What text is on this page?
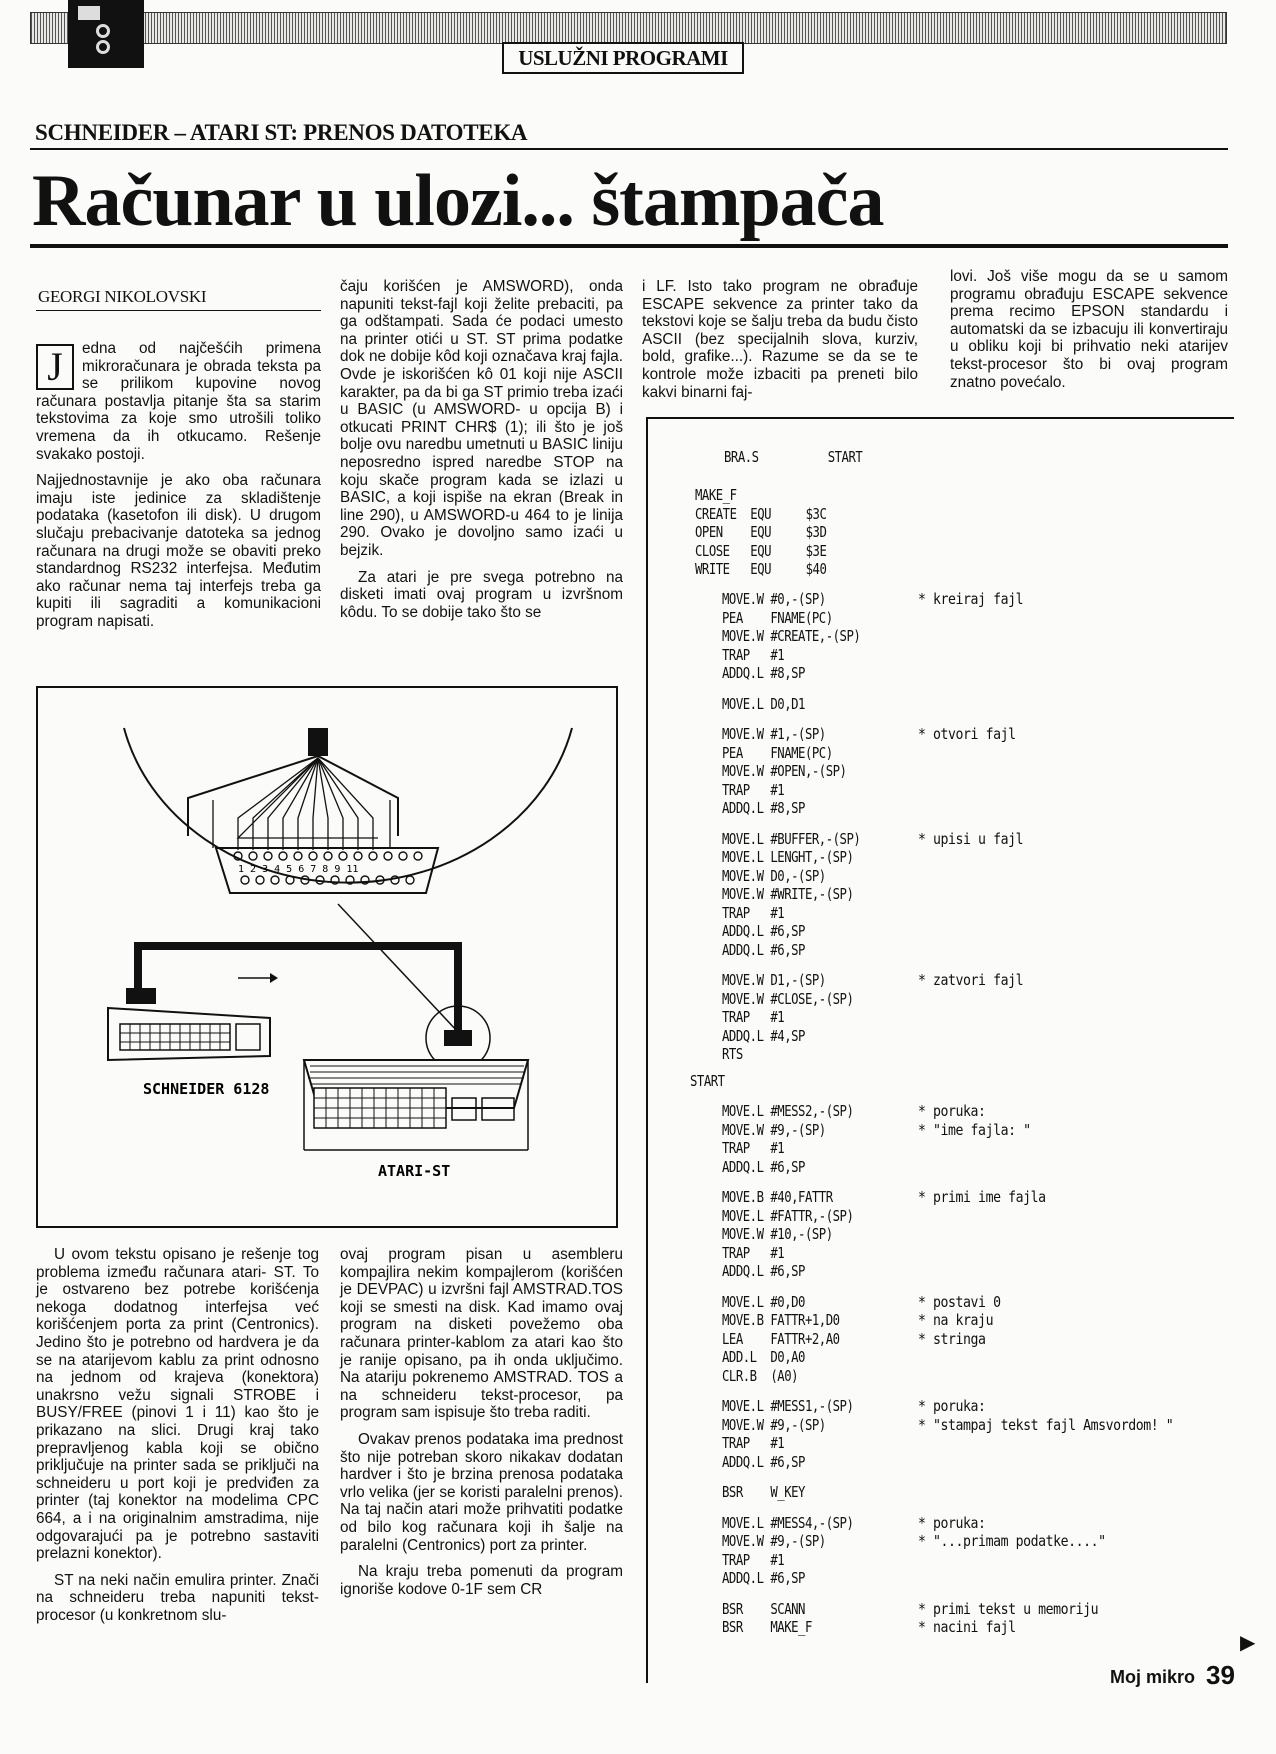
USLUŽNI PROGRAMI
SCHNEIDER – ATARI ST: PRENOS DATOTEKA
Računar u ulozi... štampača
GEORGI NIKOLOVSKI

J	edna od najčešćih primena mikroračunara je obrada teksta pa se prilikom kupovine novog računara postavlja pitanje šta sa starim tekstovima za koje smo utrošili toliko vremena da ih otkucamo. Rešenje svakako postoji.

Najjednostavnije je ako oba računara imaju iste jedinice za skladištenje podataka (kasetofon ili disk). U drugom slučaju prebacivanje datoteka sa jednog računara na drugi može se obaviti preko standardnog RS232 interfejsa. Međutim ako računar nema taj interfejs treba ga kupiti ili sagraditi a komunikacioni program napisati.

čaju korišćen je AMSWORD), onda napuniti tekst-fajl koji želite prebaciti, pa ga odštampati. Sada će podaci umesto na printer otići u ST. ST prima podatke dok ne dobije kôd koji označava kraj fajla. Ovde je iskorišćen kô 01 koji nije ASCII karakter, pa da bi ga ST primio treba izaći u BASIC (u AMSWORD- u opcija B) i otkucati PRINT CHR$ (1); ili što je još bolje ovu naredbu umetnuti u BASIC liniju neposredno ispred naredbe STOP na koju skače program kada se izlazi u BASIC, a koji ispiše na ekran (Break in line 290), u AMSWORD-u 464 to je linija 290. Ovako je dovoljno samo izaći u bejzik.

Za atari je pre svega potrebno na disketi imati ovaj program u izvršnom kôdu. To se dobije tako što se

i LF. Isto tako program ne obrađuje ESCAPE sekvence za printer tako da tekstovi koje se šalju treba da budu čisto ASCII (bez specijalnih slova, kurziv, bold, grafike...). Razume se da se te kontrole može izbaciti pa preneti bilo kakvi binarni faj-

lovi. Još više mogu da se u samom programu obrađuju ESCAPE sekvence prema recimo EPSON standardu i automatski da se izbacuju ili konvertiraju u obliku koji bi prihvatio neki atarijev tekst-procesor što bi ovaj program znatno povećalo.

1 2 3 4 5 6 7 8 9 11
SCHNEIDER 6128
ATARI-ST

U ovom tekstu opisano je rešenje tog problema između računara atari- ST. To je ostvareno bez potrebe korišćenja nekoga dodatnog interfejsa već korišćenjem porta za print (Centronics). Jedino što je potrebno od hardvera je da se na atarijevom kablu za print odnosno na jednom od krajeva (konektora) unakrsno vežu signali STROBE i BUSY/FREE (pinovi 1 i 11) kao što je prikazano na slici. Drugi kraj tako prepravljenog kabla koji se obično priključuje na printer sada se priključi na schneideru u port koji je predviđen za printer (taj konektor na modelima CPC 664, a i na originalnim amstradima, nije odgovarajući pa je potrebno sastaviti prelazni konektor).

ST na neki način emulira printer. Znači na schneideru treba napuniti tekst-procesor (u konkretnom slu-

ovaj program pisan u asembleru kompajlira nekim kompajlerom (korišćen je DEVPAC) u izvršni fajl AMSTRAD.TOS koji se smesti na disk. Kad imamo ovaj program na disketi povežemo oba računara printer-kablom za atari kao što je ranije opisano, pa ih onda uključimo. Na atariju pokrenemo AMSTRAD. TOS a na schneideru tekst-procesor, pa program sam ispisuje što treba raditi.

Ovakav prenos podataka ima prednost što nije potreban skoro nikakav dodatan hardver i što je brzina prenosa podataka vrlo velika (jer se koristi paralelni prenos). Na taj način atari može prihvatiti podatke od bilo kog računara koji ih šalje na paralelni (Centronics) port za printer.

Na kraju treba pomenuti da program ignoriše kodove 0-1F sem CR

BRA.S          START
MAKE_F
CREATE  EQU     $3C
OPEN    EQU     $3D
CLOSE   EQU     $3E
WRITE   EQU     $40
MOVE.W #0,-(SP)
PEA    FNAME(PC)
MOVE.W #CREATE,-(SP)
TRAP   #1
ADDQ.L #8,SP
* kreiraj fajl
MOVE.L D0,D1
MOVE.W #1,-(SP)
PEA    FNAME(PC)
MOVE.W #OPEN,-(SP)
TRAP   #1
ADDQ.L #8,SP
* otvori fajl
MOVE.L #BUFFER,-(SP)
MOVE.L LENGHT,-(SP)
MOVE.W D0,-(SP)
MOVE.W #WRITE,-(SP)
TRAP   #1
ADDQ.L #6,SP
ADDQ.L #6,SP
* upisi u fajl
MOVE.W D1,-(SP)
MOVE.W #CLOSE,-(SP)
TRAP   #1
ADDQ.L #4,SP
RTS
* zatvori fajl
START
MOVE.L #MESS2,-(SP)
MOVE.W #9,-(SP)
TRAP   #1
ADDQ.L #6,SP
* poruka:
* "ime fajla: "
MOVE.B #40,FATTR
MOVE.L #FATTR,-(SP)
MOVE.W #10,-(SP)
TRAP   #1
ADDQ.L #6,SP
* primi ime fajla
MOVE.L #0,D0
MOVE.B FATTR+1,D0
LEA    FATTR+2,A0
ADD.L  D0,A0
CLR.B  (A0)
* postavi 0
* na kraju
* stringa
MOVE.L #MESS1,-(SP)
MOVE.W #9,-(SP)
TRAP   #1
ADDQ.L #6,SP
* poruka:
* "stampaj tekst fajl Amsvordom! "
BSR    W_KEY
MOVE.L #MESS4,-(SP)
MOVE.W #9,-(SP)
TRAP   #1
ADDQ.L #6,SP
* poruka:
* "...primam podatke...."
BSR    SCANN
BSR    MAKE_F
* primi tekst u memoriju
* nacini fajl
▶
Moj mikro 39
